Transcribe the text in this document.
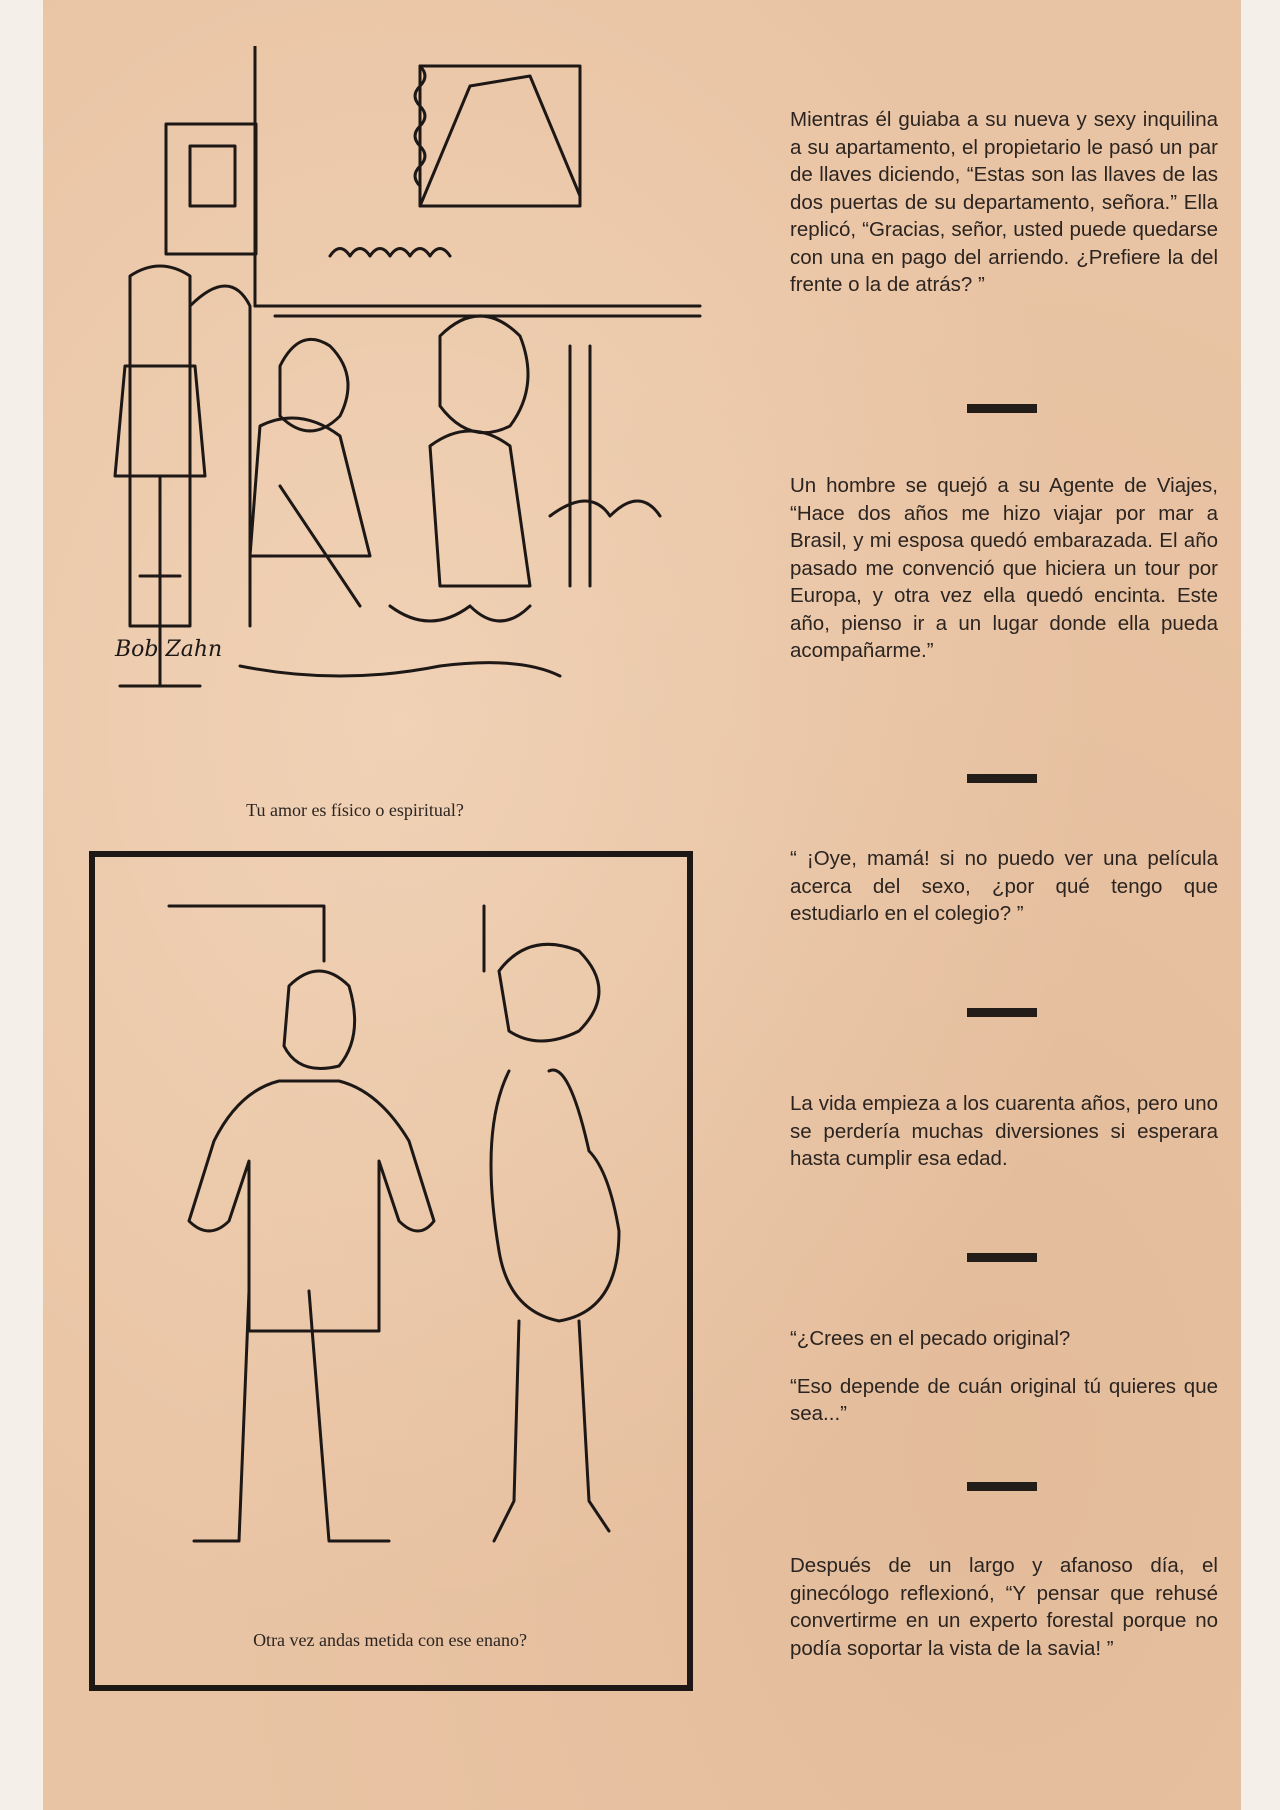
Bob Zahn
Tu amor es físico o espiritual?
Otra vez andas metida con ese enano?

Mientras él guiaba a su nueva y sexy inquilina a su apartamento, el propietario le pasó un par de llaves diciendo, “Estas son las llaves de las dos puertas de su departamento, señora.” Ella replicó, “Gracias, señor, usted puede quedarse con una en pago del arriendo. ¿Prefiere la del frente o la de atrás? ”

Un hombre se quejó a su Agente de Viajes, “Hace dos años me hizo viajar por mar a Brasil, y mi esposa quedó embarazada. El año pasado me convenció que hiciera un tour por Europa, y otra vez ella quedó encinta. Este año, pienso ir a un lugar donde ella pueda acompañarme.”

“ ¡Oye, mamá! si no puedo ver una película acerca del sexo, ¿por qué tengo que estudiarlo en el colegio? ”

La vida empieza a los cuarenta años, pero uno se perdería muchas diversiones si esperara hasta cumplir esa edad.

“¿Crees en el pecado original?

“Eso depende de cuán original tú quieres que sea...”

Después de un largo y afanoso día, el ginecólogo reflexionó, “Y pensar que rehusé convertirme en un experto forestal porque no podía soportar la vista de la savia! ”
